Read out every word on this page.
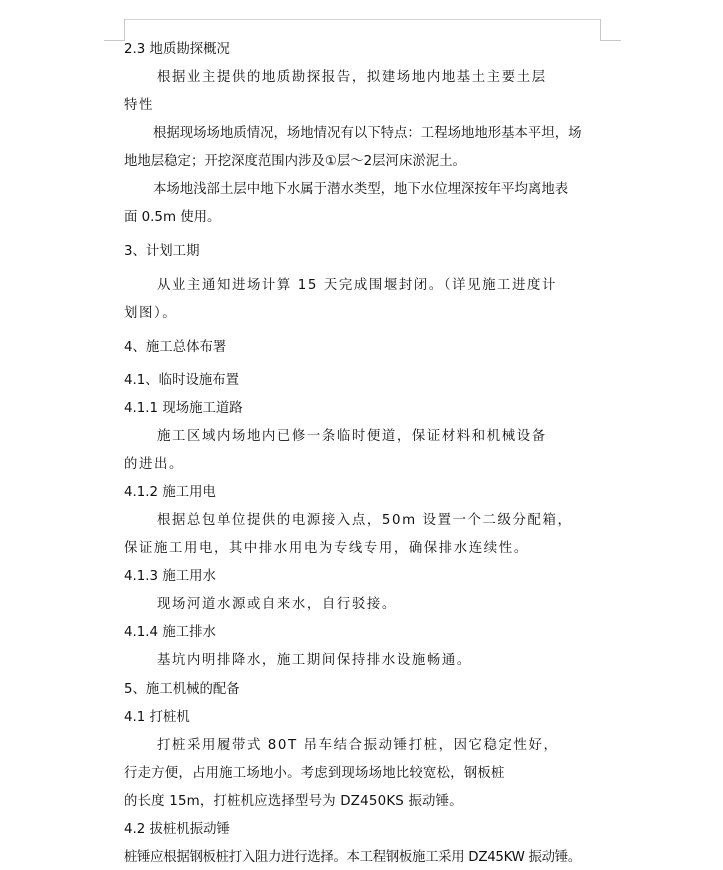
2.3 地质勘探概况

根据业主提供的地质勘探报告，拟建场地内地基土主要土层

特性

根据现场场地质情况，场地情况有以下特点：工程场地地形基本平坦，场

地地层稳定；开挖深度范围内涉及①层～2层河床淤泥土。

本场地浅部土层中地下水属于潜水类型，地下水位埋深按年平均离地表

面 0.5m 使用。

3、计划工期

从业主通知进场计算 15 天完成围堰封闭。（详见施工进度计

划图）。

4、施工总体布署

4.1、临时设施布置

4.1.1 现场施工道路

施工区域内场地内已修一条临时便道，保证材料和机械设备

的进出。

4.1.2 施工用电

根据总包单位提供的电源接入点，50m 设置一个二级分配箱，

保证施工用电，其中排水用电为专线专用，确保排水连续性。

4.1.3 施工用水

现场河道水源或自来水，自行驳接。

4.1.4 施工排水

基坑内明排降水，施工期间保持排水设施畅通。

5、施工机械的配备

4.1 打桩机

打桩采用履带式 80T 吊车结合振动锤打桩，因它稳定性好，

行走方便，占用施工场地小。考虑到现场场地比较宽松，钢板桩

的长度 15m，打桩机应选择型号为 DZ450KS 振动锤。

4.2 拔桩机振动锤

桩锤应根据钢板桩打入阻力进行选择。本工程钢板施工采用 DZ45KW 振动锤。
